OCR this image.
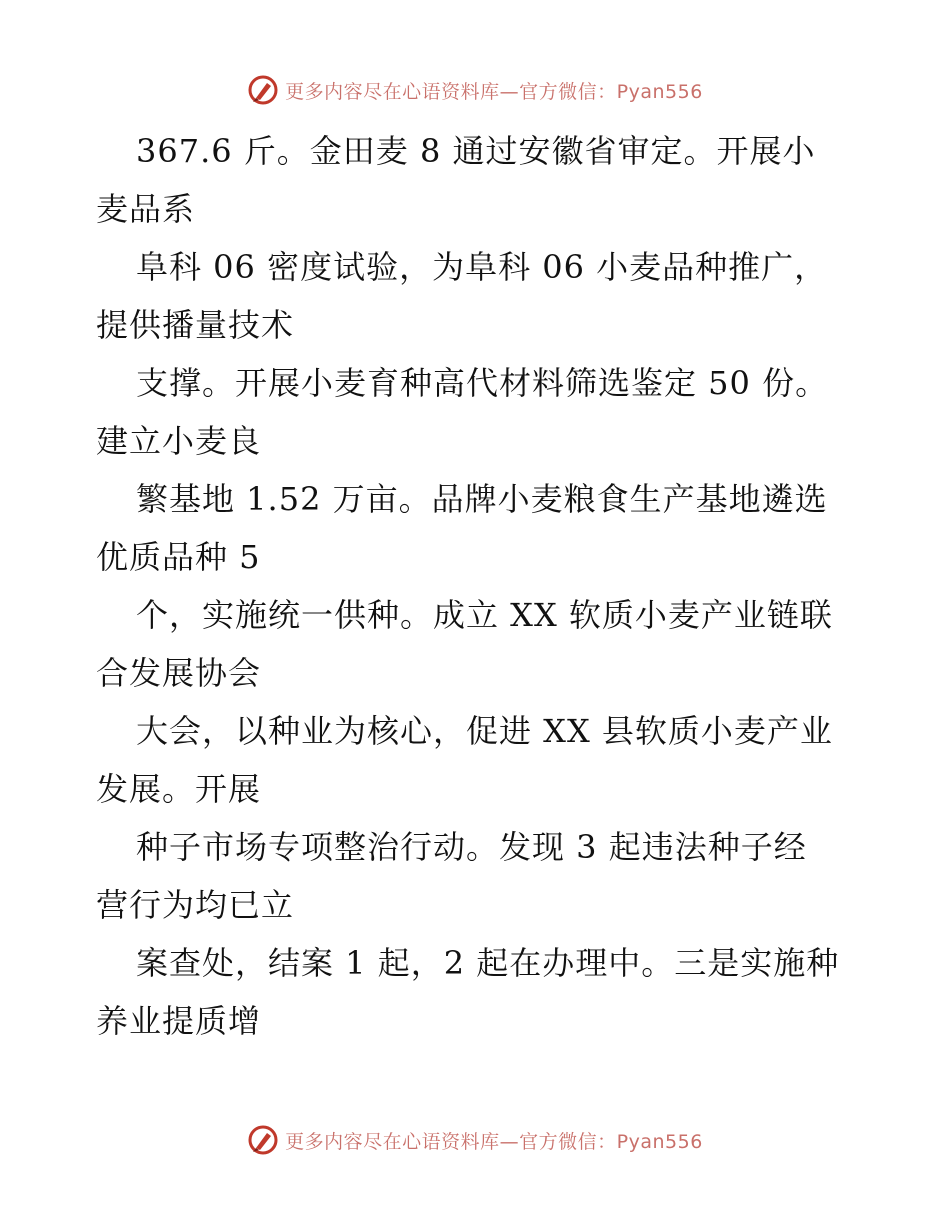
更多内容尽在心语资料库—官方微信：Pyan556
367.6 斤。金田麦 8 通过安徽省审定。开展小
麦品系
阜科 06 密度试验，为阜科 06 小麦品种推广，
提供播量技术
支撑。开展小麦育种高代材料筛选鉴定 50 份。
建立小麦良
繁基地 1.52 万亩。品牌小麦粮食生产基地遴选
优质品种 5
个，实施统一供种。成立 XX 软质小麦产业链联
合发展协会
大会，以种业为核心，促进 XX 县软质小麦产业
发展。开展
种子市场专项整治行动。发现 3 起违法种子经
营行为均已立
案查处，结案 1 起，2 起在办理中。三是实施种
养业提质增
更多内容尽在心语资料库—官方微信：Pyan556
